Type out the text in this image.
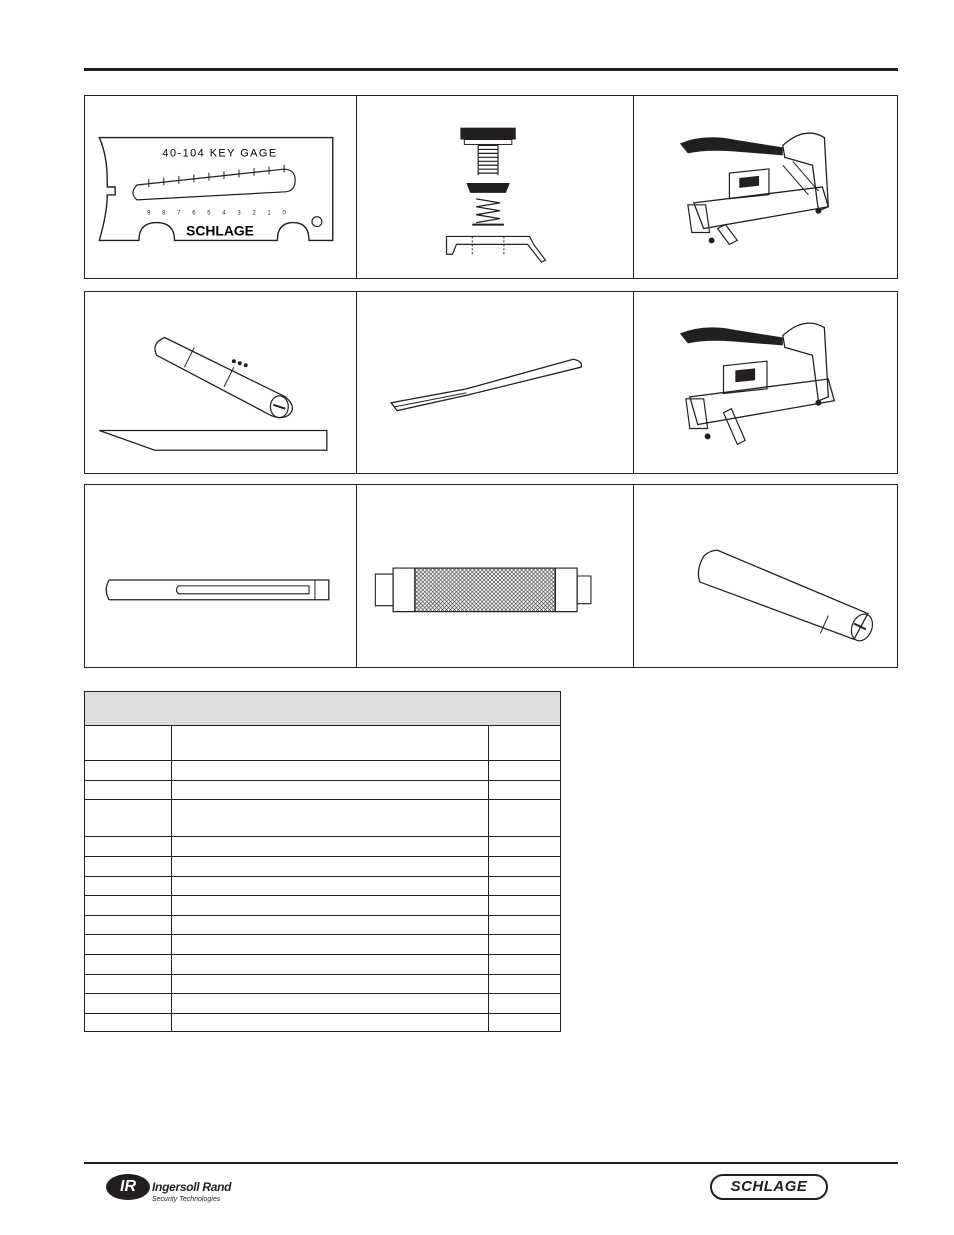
40-104 KEY GAGE
9 8 7 6 5 4 3 2 1 0
SCHLAGE

IR	Ingersoll Rand
Security Technologies
SCHLAGE
